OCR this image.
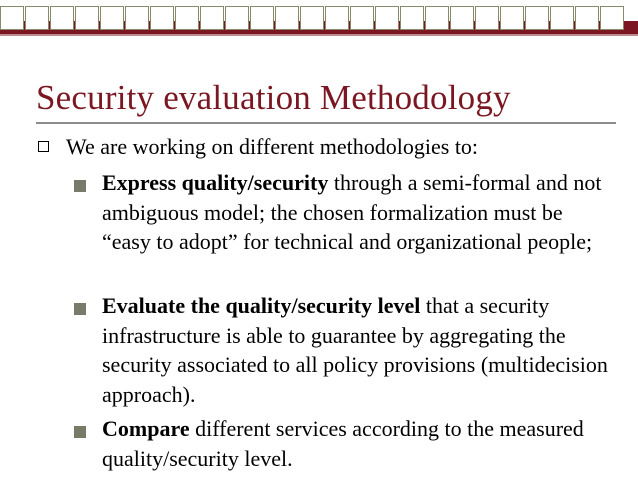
Security evaluation Methodology
We are working on different methodologies to:
Express quality/security through a semi-formal and not ambiguous model; the chosen formalization must be “easy to adopt” for technical and organizational people;
Evaluate the quality/security level that a security infrastructure is able to guarantee by aggregating the security associated to all policy provisions (multidecision approach).
Compare different services according to the measured quality/security level.
